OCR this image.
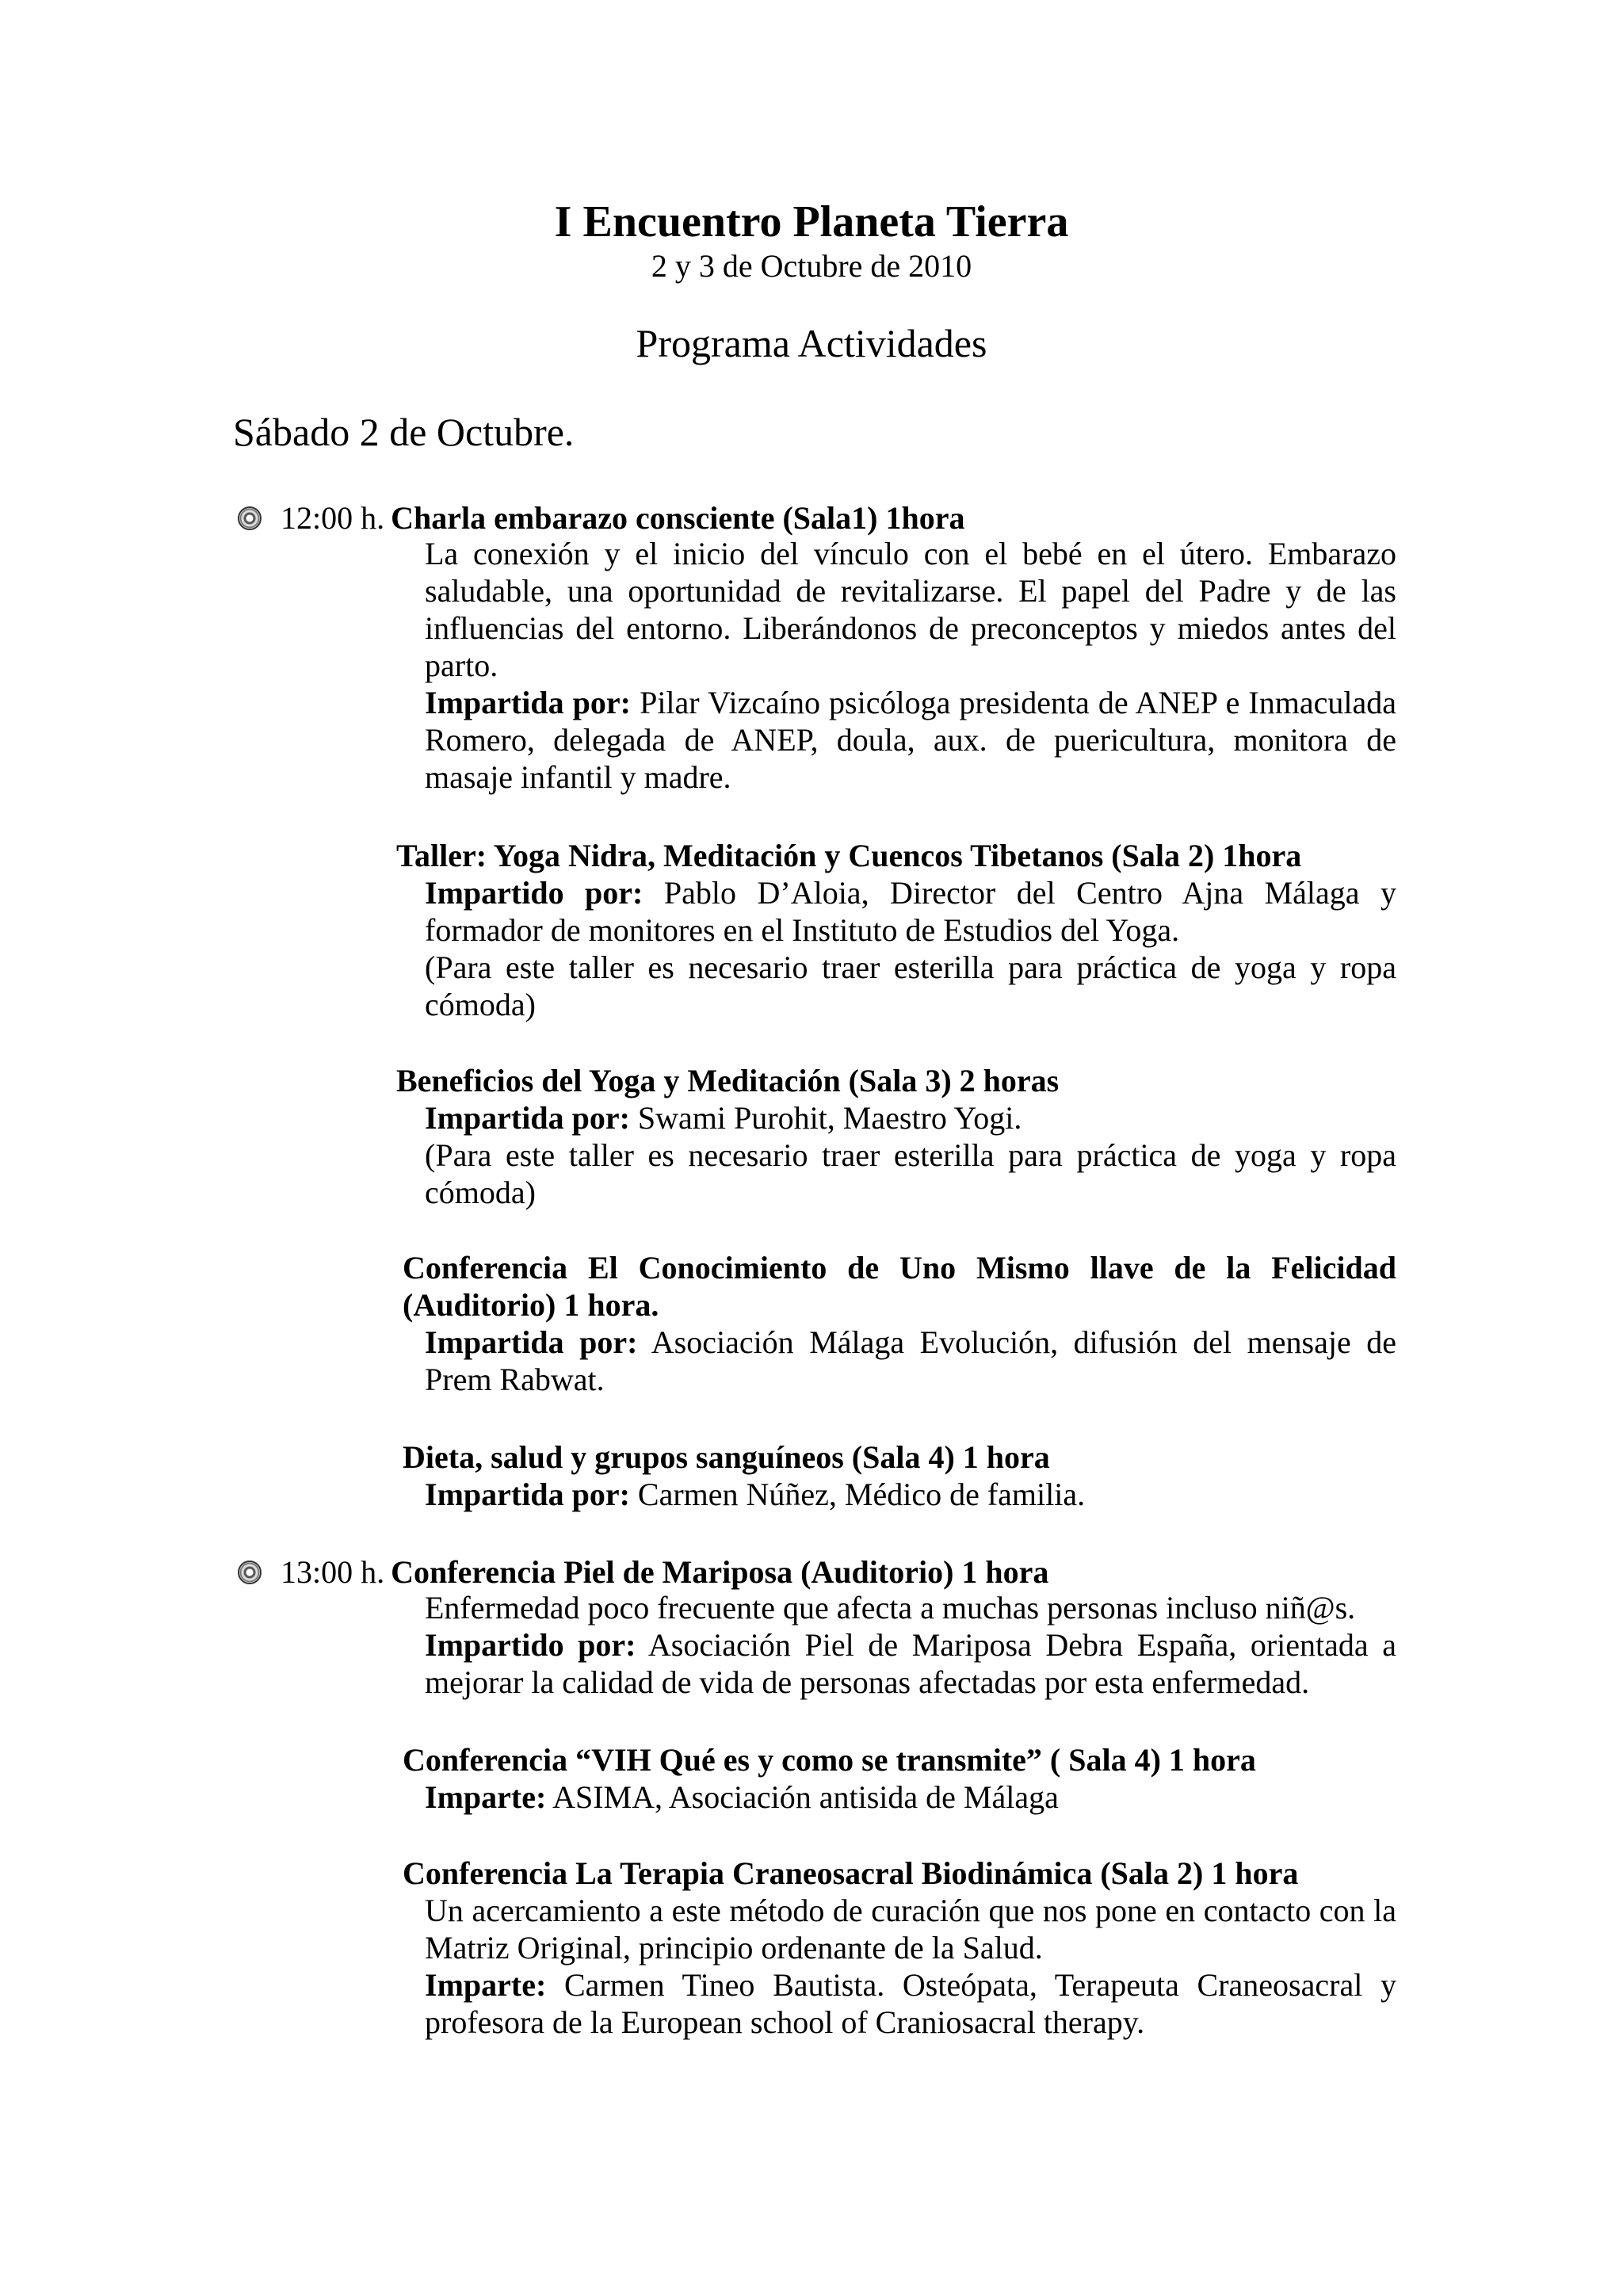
I Encuentro Planeta Tierra
2 y 3 de Octubre de 2010
Programa Actividades
Sábado 2 de Octubre.
12:00 h. Charla embarazo consciente (Sala1) 1hora

La conexión y el inicio del vínculo con el bebé en el útero. Embarazo saludable, una oportunidad de revitalizarse. El papel del Padre y de las influencias del entorno. Liberándonos de preconceptos y miedos antes del parto.

Impartida por: Pilar Vizcaíno psicóloga presidenta de ANEP e Inmaculada Romero, delegada de ANEP, doula, aux. de puericultura, monitora de masaje infantil y madre.

Taller: Yoga Nidra, Meditación y Cuencos Tibetanos (Sala 2) 1hora

Impartido por: Pablo D’Aloia, Director del Centro Ajna Málaga y formador de monitores en el Instituto de Estudios del Yoga.

(Para este taller es necesario traer esterilla para práctica de yoga y ropa cómoda)

Beneficios del Yoga y Meditación (Sala 3) 2 horas

Impartida por: Swami Purohit, Maestro Yogi.

(Para este taller es necesario traer esterilla para práctica de yoga y ropa cómoda)

Conferencia El Conocimiento de Uno Mismo llave de la Felicidad (Auditorio) 1 hora.

Impartida por: Asociación Málaga Evolución, difusión del mensaje de Prem Rabwat.

Dieta, salud y grupos sanguíneos (Sala 4) 1 hora

Impartida por: Carmen Núñez, Médico de familia.

13:00 h. Conferencia Piel de Mariposa (Auditorio) 1 hora

Enfermedad poco frecuente que afecta a muchas personas incluso niñ@s.

Impartido por: Asociación Piel de Mariposa Debra España, orientada a mejorar la calidad de vida de personas afectadas por esta enfermedad.

Conferencia “VIH Qué es y como se transmite” ( Sala 4) 1 hora

Imparte: ASIMA, Asociación antisida de Málaga

Conferencia La Terapia Craneosacral Biodinámica (Sala 2) 1 hora

Un acercamiento a este método de curación que nos pone en contacto con la Matriz Original, principio ordenante de la Salud.

Imparte: Carmen Tineo Bautista. Osteópata, Terapeuta Craneosacral y profesora de la European school of Craniosacral therapy.
